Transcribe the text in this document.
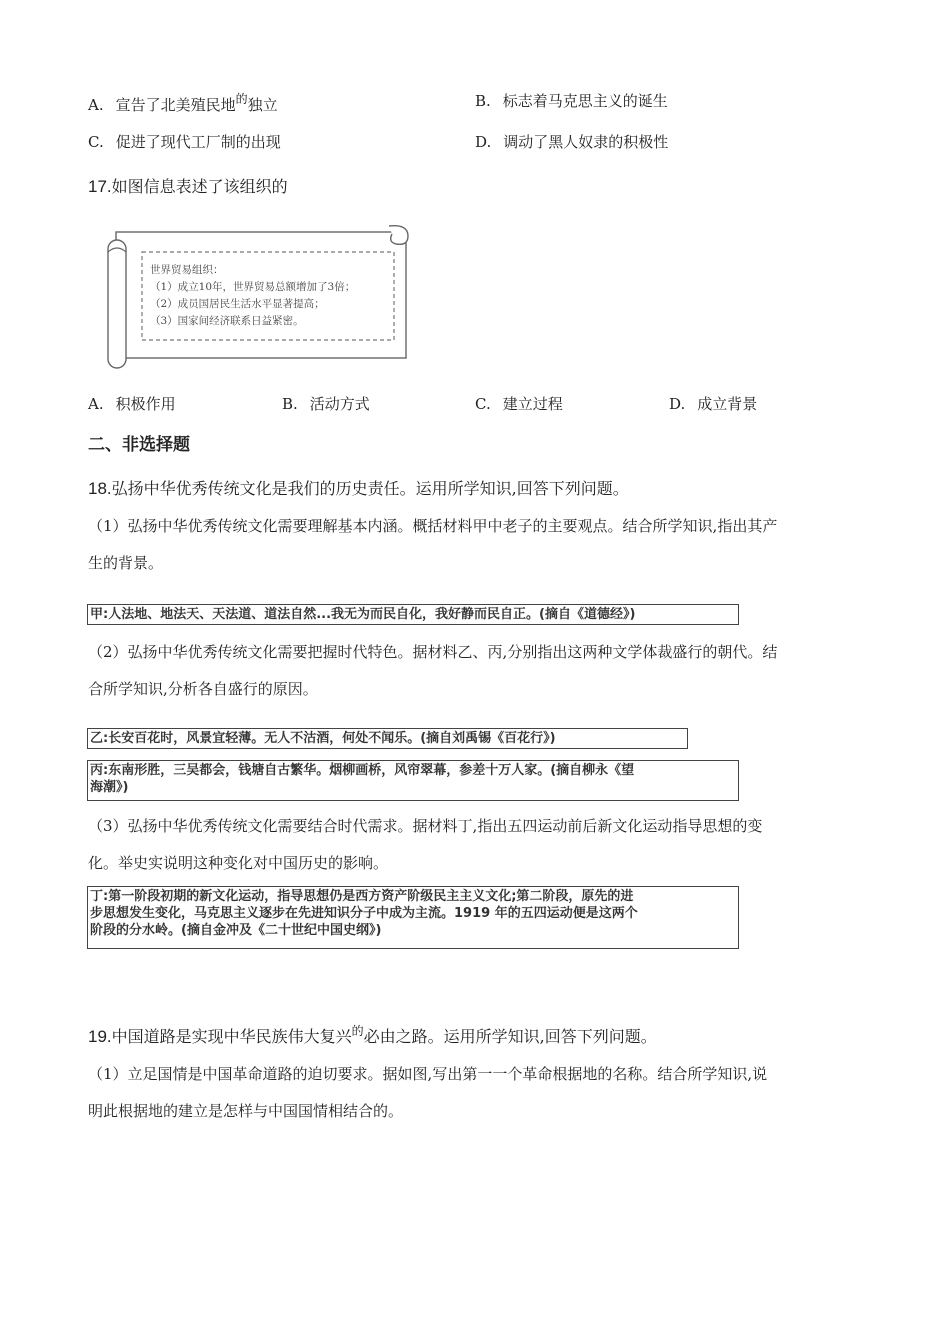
A. 宣告了北美殖民地$^的$独立	B. 标志着马克思主义的诞生
C. 促进了现代工厂制的出现	D. 调动了黑人奴隶的积极性
17.如图信息表述了该组织的
世界贸易组织：
（1）成立10年，世界贸易总额增加了3倍；
（2）成员国居民生活水平显著提高；
（3）国家间经济联系日益紧密。
A. 积极作用	B. 活动方式	C. 建立过程	D. 成立背景
二、非选择题
18.弘扬中华优秀传统文化是我们的历史责任。运用所学知识,回答下列问题。
（1）弘扬中华优秀传统文化需要理解基本内涵。概括材料甲中老子的主要观点。结合所学知识,指出其产
生的背景。
甲:人法地、地法天、天法道、道法自然...我无为而民自化，我好静而民自正。(摘自《道德经》)
（2）弘扬中华优秀传统文化需要把握时代特色。据材料乙、丙,分别指出这两种文学体裁盛行的朝代。结
合所学知识,分析各自盛行的原因。
乙:长安百花时，风景宜轻薄。无人不沽酒，何处不闻乐。(摘自刘禹锡《百花行》)
丙:东南形胜，三吴都会，钱塘自古繁华。烟柳画桥，风帘翠幕，参差十万人家。(摘自柳永《望
海潮》)
（3）弘扬中华优秀传统文化需要结合时代需求。据材料丁,指出五四运动前后新文化运动指导思想的变
化。举史实说明这种变化对中国历史的影响。
丁:第一阶段初期的新文化运动，指导思想仍是西方资产阶级民主主义文化;第二阶段，原先的进
步思想发生变化，马克思主义逐步在先进知识分子中成为主流。1919 年的五四运动便是这两个
阶段的分水岭。(摘自金冲及《二十世纪中国史纲》)
19.中国道路是实现中华民族伟大复兴$^的$必由之路。运用所学知识,回答下列问题。
（1）立足国情是中国革命道路的迫切要求。据如图,写出第一一个革命根据地的名称。结合所学知识,说
明此根据地的建立是怎样与中国国情相结合的。
